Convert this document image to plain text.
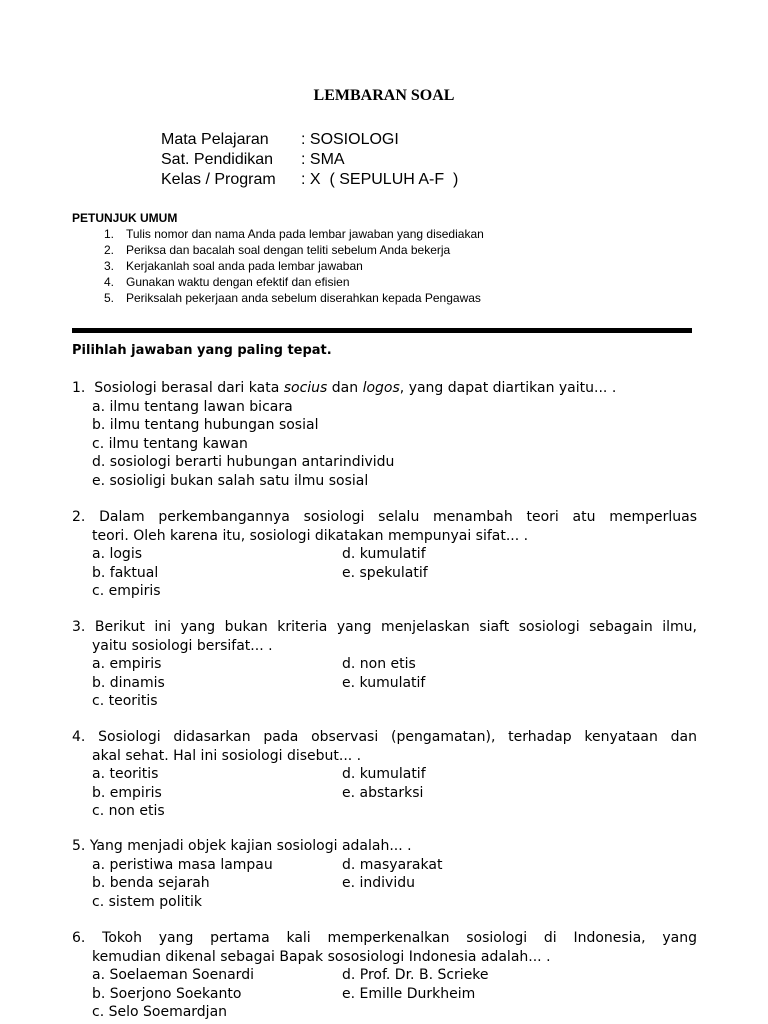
LEMBARAN SOAL
Mata Pelajaran : SOSIOLOGI
Sat. Pendidikan : SMA
Kelas / Program : X  ( SEPULUH A-F  )
PETUNJUK UMUM
1. Tulis nomor dan nama Anda pada lembar jawaban yang disediakan
2. Periksa dan bacalah soal dengan teliti sebelum Anda bekerja
3. Kerjakanlah soal anda pada lembar jawaban
4. Gunakan waktu dengan efektif dan efisien
5. Periksalah pekerjaan anda sebelum diserahkan kepada Pengawas
Pilihlah jawaban yang paling tepat.
1. Sosiologi berasal dari kata socius dan logos, yang dapat diartikan yaitu... .
a. ilmu tentang lawan bicara
b. ilmu tentang hubungan sosial
c. ilmu tentang kawan
d. sosiologi berarti hubungan antarindividu
e. sosioligi bukan salah satu ilmu sosial
2. Dalam perkembangannya sosiologi selalu menambah teori atu memperluas
teori. Oleh karena itu, sosiologi dikatakan mempunyai sifat... .
a. logis	d. kumulatif
b. faktual	e. spekulatif
c. empiris
3. Berikut ini yang bukan kriteria yang menjelaskan siaft sosiologi sebagain ilmu,
yaitu sosiologi bersifat... .
a. empiris	d. non etis
b. dinamis	e. kumulatif
c. teoritis
4. Sosiologi didasarkan pada observasi (pengamatan), terhadap kenyataan dan
akal sehat. Hal ini sosiologi disebut... .
a. teoritis	d. kumulatif
b. empiris	e. abstarksi
c. non etis
5. Yang menjadi objek kajian sosiologi adalah... .
a. peristiwa masa lampau	d. masyarakat
b. benda sejarah	e. individu
c. sistem politik
6. Tokoh yang pertama kali memperkenalkan sosiologi di Indonesia, yang
kemudian dikenal sebagai Bapak sososiologi Indonesia adalah... .
a. Soelaeman Soenardi	d. Prof. Dr. B. Scrieke
b. Soerjono Soekanto	e. Emille Durkheim
c. Selo Soemardjan
